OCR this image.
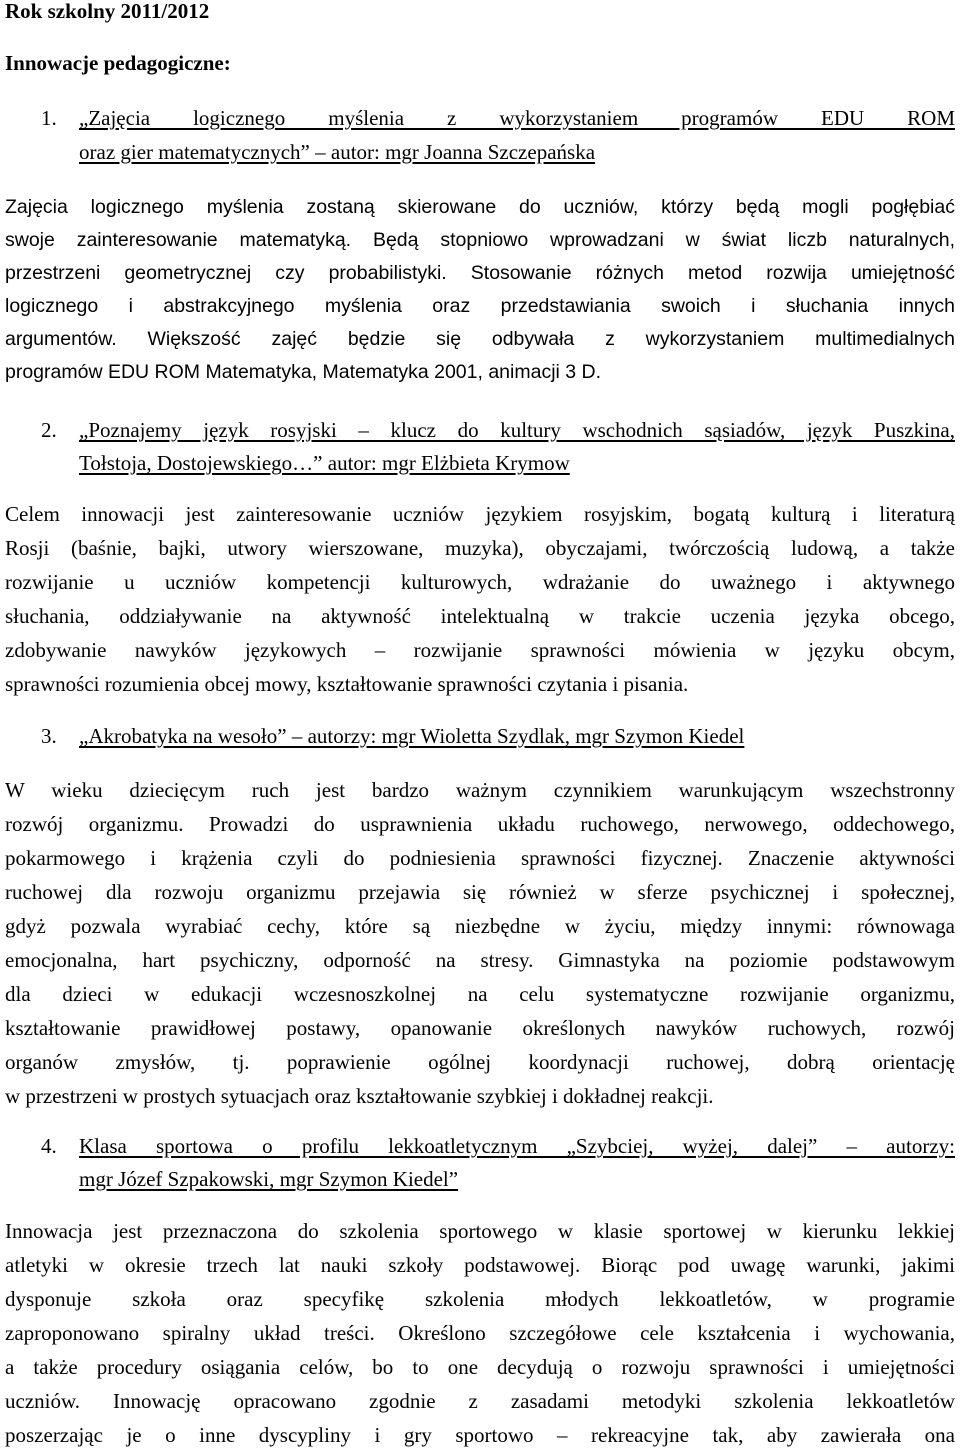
Rok szkolny 2011/2012
Innowacje pedagogiczne:
1. „Zajęcia logicznego myślenia z wykorzystaniem programów EDU ROM
oraz gier matematycznych” – autor: mgr Joanna Szczepańska
Zajęcia logicznego myślenia zostaną skierowane do uczniów, którzy będą mogli pogłębiać
swoje zainteresowanie matematyką. Będą stopniowo wprowadzani w świat liczb naturalnych,
przestrzeni geometrycznej czy probabilistyki. Stosowanie różnych metod rozwija umiejętność
logicznego i abstrakcyjnego myślenia oraz przedstawiania swoich i słuchania innych
argumentów. Większość zajęć będzie się odbywała z wykorzystaniem multimedialnych
programów EDU ROM Matematyka, Matematyka 2001, animacji 3 D.
2. „Poznajemy język rosyjski – klucz do kultury wschodnich sąsiadów, język Puszkina,
Tołstoja, Dostojewskiego…” autor: mgr Elżbieta Krymow
Celem innowacji jest zainteresowanie uczniów językiem rosyjskim, bogatą kulturą i literaturą
Rosji (baśnie, bajki, utwory wierszowane, muzyka), obyczajami, twórczością ludową, a także
rozwijanie u uczniów kompetencji kulturowych, wdrażanie do uważnego i aktywnego
słuchania, oddziaływanie na aktywność intelektualną w trakcie uczenia języka obcego,
zdobywanie nawyków językowych – rozwijanie sprawności mówienia w języku obcym,
sprawności rozumienia obcej mowy, kształtowanie sprawności czytania i pisania.
3. „Akrobatyka na wesoło” – autorzy: mgr Wioletta Szydlak, mgr Szymon Kiedel
W wieku dziecięcym ruch jest bardzo ważnym czynnikiem warunkującym wszechstronny
rozwój organizmu. Prowadzi do usprawnienia układu ruchowego, nerwowego, oddechowego,
pokarmowego i krążenia czyli do podniesienia sprawności fizycznej. Znaczenie aktywności
ruchowej dla rozwoju organizmu przejawia się również w sferze psychicznej i społecznej,
gdyż pozwala wyrabiać cechy, które są niezbędne w życiu, między innymi: równowaga
emocjonalna, hart psychiczny, odporność na stresy. Gimnastyka na poziomie podstawowym
dla dzieci w edukacji wczesnoszkolnej na celu systematyczne rozwijanie organizmu,
kształtowanie prawidłowej postawy, opanowanie określonych nawyków ruchowych, rozwój
organów zmysłów, tj. poprawienie ogólnej koordynacji ruchowej, dobrą orientację
w przestrzeni w prostych sytuacjach oraz kształtowanie szybkiej i dokładnej reakcji.
4. Klasa sportowa o profilu lekkoatletycznym „Szybciej, wyżej, dalej” – autorzy:
mgr Józef Szpakowski, mgr Szymon Kiedel”
Innowacja jest przeznaczona do szkolenia sportowego w klasie sportowej w kierunku lekkiej
atletyki w okresie trzech lat nauki szkoły podstawowej. Biorąc pod uwagę warunki, jakimi
dysponuje szkoła oraz specyfikę szkolenia młodych lekkoatletów, w programie
zaproponowano spiralny układ treści. Określono szczegółowe cele kształcenia i wychowania,
a także procedury osiągania celów, bo to one decydują o rozwoju sprawności i umiejętności
uczniów. Innowację opracowano zgodnie z zasadami metodyki szkolenia lekkoatletów
poszerzając je o inne dyscypliny i gry sportowo – rekreacyjne tak, aby zawierała ona
